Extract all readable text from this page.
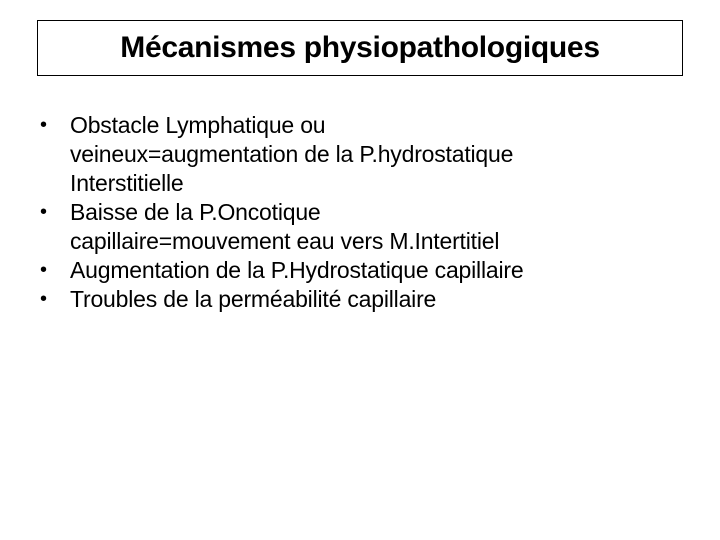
Mécanismes physiopathologiques
• Obstacle Lymphatique ou
veineux=augmentation de la P.hydrostatique
Interstitielle
• Baisse de la P.Oncotique
capillaire=mouvement eau vers M.Intertitiel
• Augmentation de la P.Hydrostatique capillaire
• Troubles de la perméabilité capillaire
